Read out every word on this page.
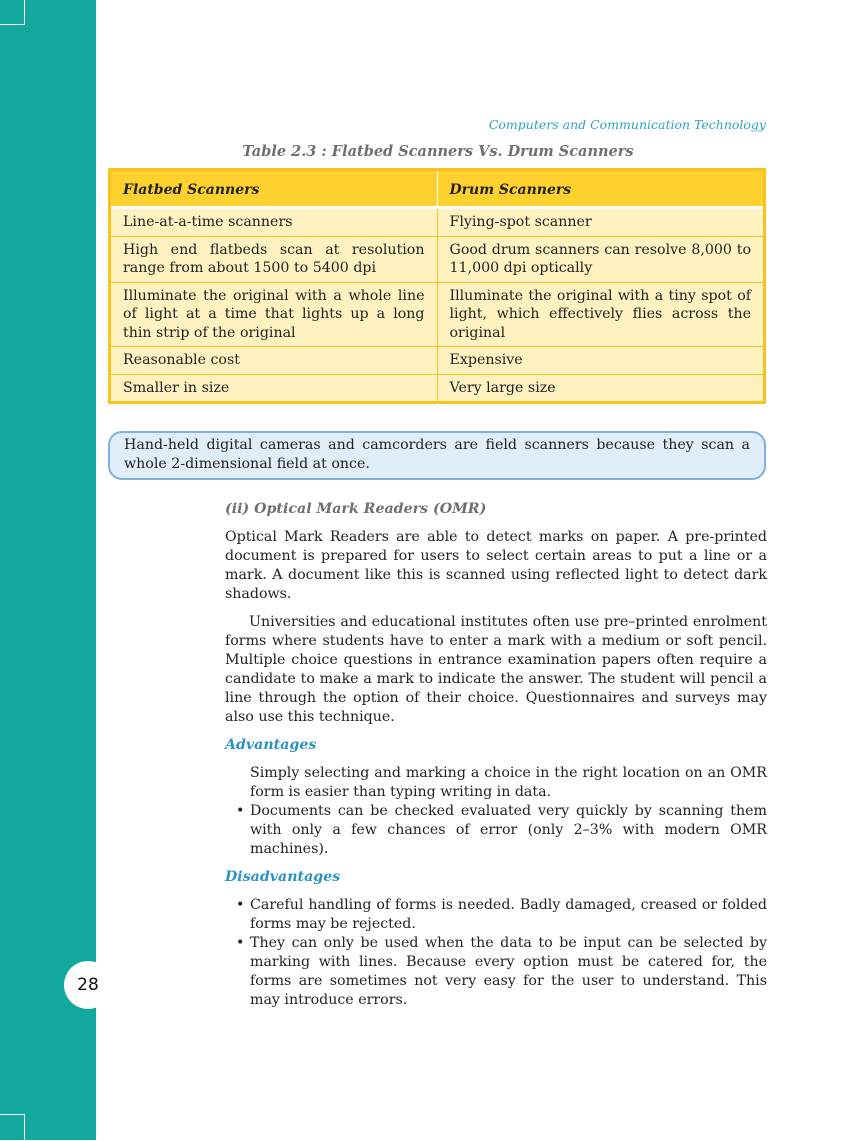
28
Computers and Communication Technology
Table 2.3 : Flatbed Scanners Vs. Drum Scanners
Flatbed Scanners	Drum Scanners
Line-at-a-time scanners	Flying-spot scanner
High end flatbeds scan at resolution range from about 1500 to 5400 dpi	Good drum scanners can resolve 8,000 to 11,000 dpi optically
Illuminate the original with a whole line of light at a time that lights up a long thin strip of the original	Illuminate the original with a tiny spot of light, which effectively flies across the original
Reasonable cost	Expensive
Smaller in size	Very large size
Hand-held digital cameras and camcorders are field scanners because they scan a whole 2-dimensional field at once.

(ii) Optical Mark Readers (OMR)

Optical Mark Readers are able to detect marks on paper. A pre-printed document is prepared for users to select certain areas to put a line or a mark. A document like this is scanned using reflected light to detect dark shadows.

Universities and educational institutes often use pre–printed enrolment forms where students have to enter a mark with a medium or soft pencil. Multiple choice questions in entrance examination papers often require a candidate to make a mark to indicate the answer. The student will pencil a line through the option of their choice. Questionnaires and surveys may also use this technique.

Advantages

Simply selecting and marking a choice in the right location on an OMR form is easier than typing writing in data.
• Documents can be checked evaluated very quickly by scanning them with only a few chances of error (only 2–3% with modern OMR machines).

Disadvantages

• Careful handling of forms is needed. Badly damaged, creased or folded forms may be rejected.
• They can only be used when the data to be input can be selected by marking with lines. Because every option must be catered for, the forms are sometimes not very easy for the user to understand. This may introduce errors.
